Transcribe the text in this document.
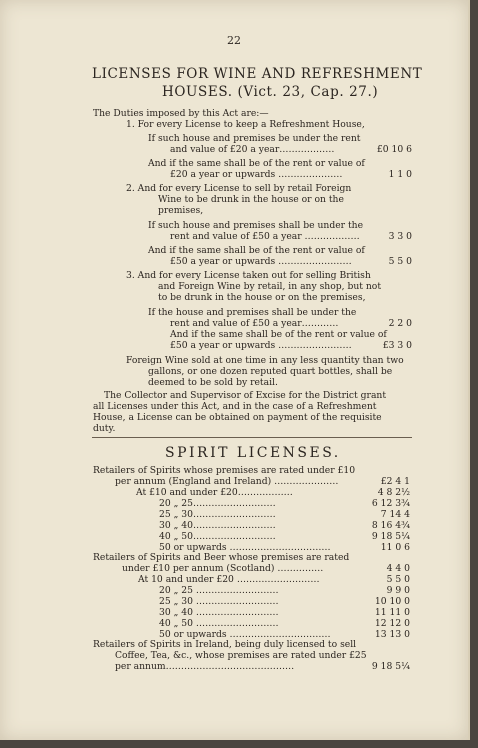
22
LICENSES FOR WINE AND REFRESHMENT
HOUSES. (Vict. 23, Cap. 27.)
The Duties imposed by this Act are:—
1. For every License to keep a Refreshment House,
If such house and premises be under the rent
and value of £20 a year………………	£0 10 6
And if the same shall be of the rent or value of
£20 a year or upwards …………………	1 1 0
2. And for every License to sell by retail Foreign
Wine to be drunk in the house or on the
premises,
If such house and premises shall be under the
rent and value of £50 a year ………………	3 3 0
And if the same shall be of the rent or value of
£50 a year or upwards ……………………	5 5 0
3. And for every License taken out for selling British
and Foreign Wine by retail, in any shop, but not
to be drunk in the house or on the premises,
If the house and premises shall be under the
rent and value of £50 a year…………	2 2 0
And if the same shall be of the rent or value of
£50 a year or upwards ……………………	£3 3 0
Foreign Wine sold at one time in any less quantity than two
gallons, or one dozen reputed quart bottles, shall be
deemed to be sold by retail.
The Collector and Supervisor of Excise for the District grant
all Licenses under this Act, and in the case of a Refreshment
House, a License can be obtained on payment of the requisite
duty.
SPIRIT LICENSES.
Retailers of Spirits whose premises are rated under £10
per annum (England and Ireland) …………………	£2 4 1
At £10 and under £20………………	4 8 2½
20 „ 25………………………	6 12 3¾
25 „ 30………………………	7 14 4
30 „ 40………………………	8 16 4¾
40 „ 50………………………	9 18 5¼
50 or upwards ……………………………	11 0 6
Retailers of Spirits and Beer whose premises are rated
under £10 per annum (Scotland) ……………	4 4 0
At 10 and under £20 ………………………	5 5 0
20 „ 25 ………………………	9 9 0
25 „ 30 ………………………	10 10 0
30 „ 40 ………………………	11 11 0
40 „ 50 ………………………	12 12 0
50 or upwards ……………………………	13 13 0
Retailers of Spirits in Ireland, being duly licensed to sell
Coffee, Tea, &c., whose premises are rated under £25
per annum……………………………………	9 18 5¼
